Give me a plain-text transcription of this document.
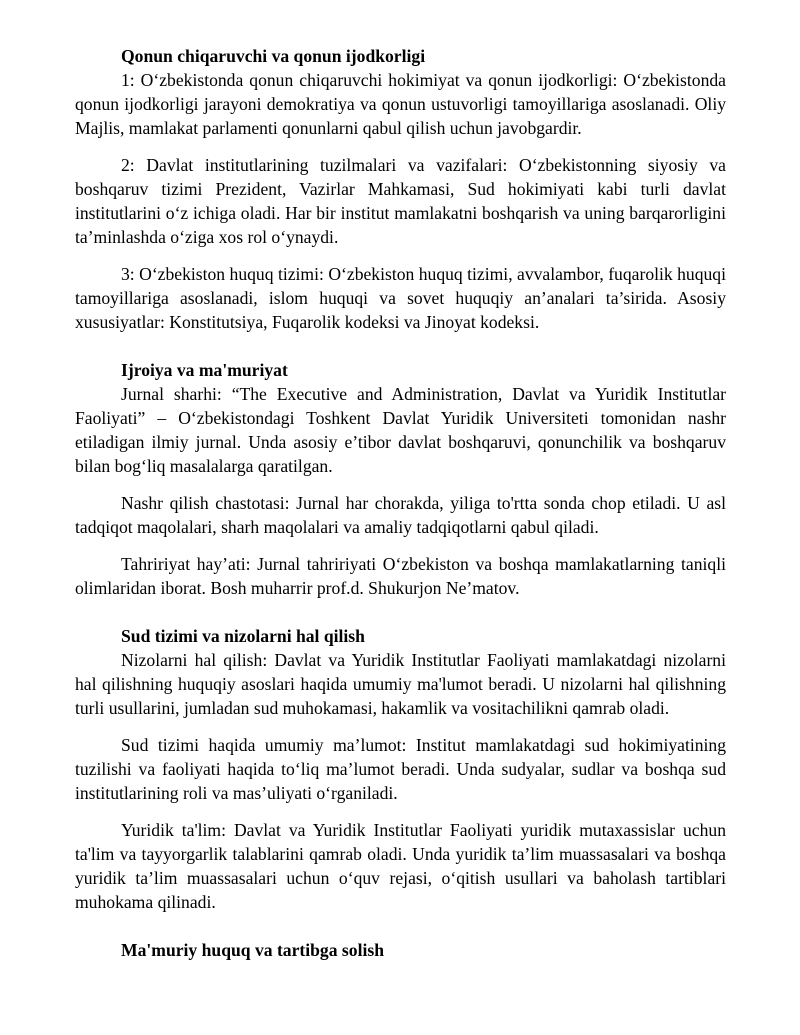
Qonun chiqaruvchi va qonun ijodkorligi

1: O‘zbekistonda qonun chiqaruvchi hokimiyat va qonun ijodkorligi: O‘zbekistonda qonun ijodkorligi jarayoni demokratiya va qonun ustuvorligi tamoyillariga asoslanadi. Oliy Majlis, mamlakat parlamenti qonunlarni qabul qilish uchun javobgardir.

2: Davlat institutlarining tuzilmalari va vazifalari: O‘zbekistonning siyosiy va boshqaruv tizimi Prezident, Vazirlar Mahkamasi, Sud hokimiyati kabi turli davlat institutlarini o‘z ichiga oladi. Har bir institut mamlakatni boshqarish va uning barqarorligini ta’minlashda o‘ziga xos rol o‘ynaydi.

3: O‘zbekiston huquq tizimi: O‘zbekiston huquq tizimi, avvalambor, fuqarolik huquqi tamoyillariga asoslanadi, islom huquqi va sovet huquqiy an’analari ta’sirida. Asosiy xususiyatlar: Konstitutsiya, Fuqarolik kodeksi va Jinoyat kodeksi.

Ijroiya va ma'muriyat

Jurnal sharhi: “The Executive and Administration, Davlat va Yuridik Institutlar Faoliyati” – O‘zbekistondagi Toshkent Davlat Yuridik Universiteti tomonidan nashr etiladigan ilmiy jurnal. Unda asosiy e’tibor davlat boshqaruvi, qonunchilik va boshqaruv bilan bog‘liq masalalarga qaratilgan.

Nashr qilish chastotasi: Jurnal har chorakda, yiliga to'rtta sonda chop etiladi. U asl tadqiqot maqolalari, sharh maqolalari va amaliy tadqiqotlarni qabul qiladi.

Tahririyat hay’ati: Jurnal tahririyati O‘zbekiston va boshqa mamlakatlarning taniqli olimlaridan iborat. Bosh muharrir prof.d. Shukurjon Ne’matov.

Sud tizimi va nizolarni hal qilish

Nizolarni hal qilish: Davlat va Yuridik Institutlar Faoliyati mamlakatdagi nizolarni hal qilishning huquqiy asoslari haqida umumiy ma'lumot beradi. U nizolarni hal qilishning turli usullarini, jumladan sud muhokamasi, hakamlik va vositachilikni qamrab oladi.

Sud tizimi haqida umumiy ma’lumot: Institut mamlakatdagi sud hokimiyatining tuzilishi va faoliyati haqida to‘liq ma’lumot beradi. Unda sudyalar, sudlar va boshqa sud institutlarining roli va mas’uliyati o‘rganiladi.

Yuridik ta'lim: Davlat va Yuridik Institutlar Faoliyati yuridik mutaxassislar uchun ta'lim va tayyorgarlik talablarini qamrab oladi. Unda yuridik ta’lim muassasalari va boshqa yuridik ta’lim muassasalari uchun o‘quv rejasi, o‘qitish usullari va baholash tartiblari muhokama qilinadi.

Ma'muriy huquq va tartibga solish
